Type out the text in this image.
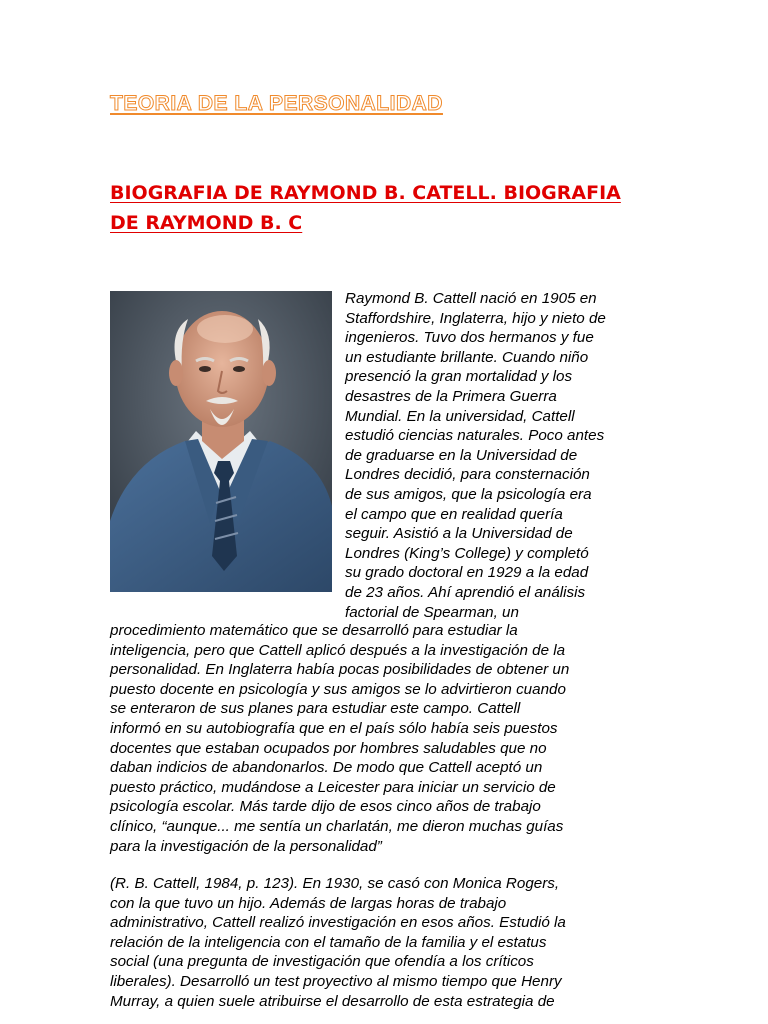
TEORIA DE LA PERSONALIDAD
BIOGRAFIA DE RAYMOND B. CATELL. BIOGRAFIA
DE RAYMOND B. C
Raymond B. Cattell nació en 1905 en
Staffordshire, Inglaterra, hijo y nieto de
ingenieros. Tuvo dos hermanos y fue
un estudiante brillante. Cuando niño
presenció la gran mortalidad y los
desastres de la Primera Guerra
Mundial. En la universidad, Cattell
estudió ciencias naturales. Poco antes
de graduarse en la Universidad de
Londres decidió, para consternación
de sus amigos, que la psicología era
el campo que en realidad quería
seguir. Asistió a la Universidad de
Londres (King’s College) y completó
su grado doctoral en 1929 a la edad
de 23 años. Ahí aprendió el análisis
factorial de Spearman, un
procedimiento matemático que se desarrolló para estudiar la
inteligencia, pero que Cattell aplicó después a la investigación de la
personalidad. En Inglaterra había pocas posibilidades de obtener un
puesto docente en psicología y sus amigos se lo advirtieron cuando
se enteraron de sus planes para estudiar este campo. Cattell
informó en su autobiografía que en el país sólo había seis puestos
docentes que estaban ocupados por hombres saludables que no
daban indicios de abandonarlos. De modo que Cattell aceptó un
puesto práctico, mudándose a Leicester para iniciar un servicio de
psicología escolar. Más tarde dijo de esos cinco años de trabajo
clínico, “aunque... me sentía un charlatán, me dieron muchas guías
para la investigación de la personalidad”
(R. B. Cattell, 1984, p. 123). En 1930, se casó con Monica Rogers,
con la que tuvo un hijo. Además de largas horas de trabajo
administrativo, Cattell realizó investigación en esos años. Estudió la
relación de la inteligencia con el tamaño de la familia y el estatus
social (una pregunta de investigación que ofendía a los críticos
liberales). Desarrolló un test proyectivo al mismo tiempo que Henry
Murray, a quien suele atribuirse el desarrollo de esta estrategia de
